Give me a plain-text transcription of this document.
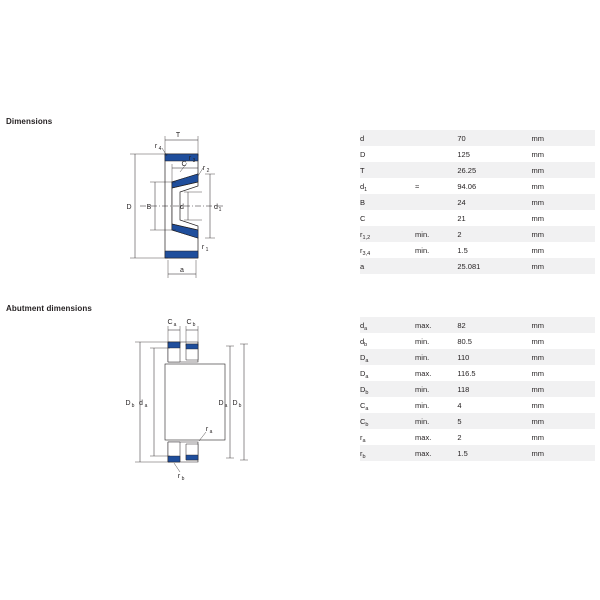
Dimensions
Abutment dimensions
T
C
r 4
r 3
r 2
r 1
D B	d	d 1
a
C a C b
D b d a	D a D b
r a
r b
d		70	mm
D		125	mm
T		26.25	mm
$d_1$	≈	94.06	mm
B		24	mm
C		21	mm
$r_{1,2}$	min.	2	mm
$r_{3,4}$	min.	1.5	mm
a		25.081	mm
$d_a$	max.	82	mm
$d_b$	min.	80.5	mm
$D_a$	min.	110	mm
$D_a$	max.	116.5	mm
$D_b$	min.	118	mm
$C_a$	min.	4	mm
$C_b$	min.	5	mm
$r_a$	max.	2	mm
$r_b$	max.	1.5	mm
